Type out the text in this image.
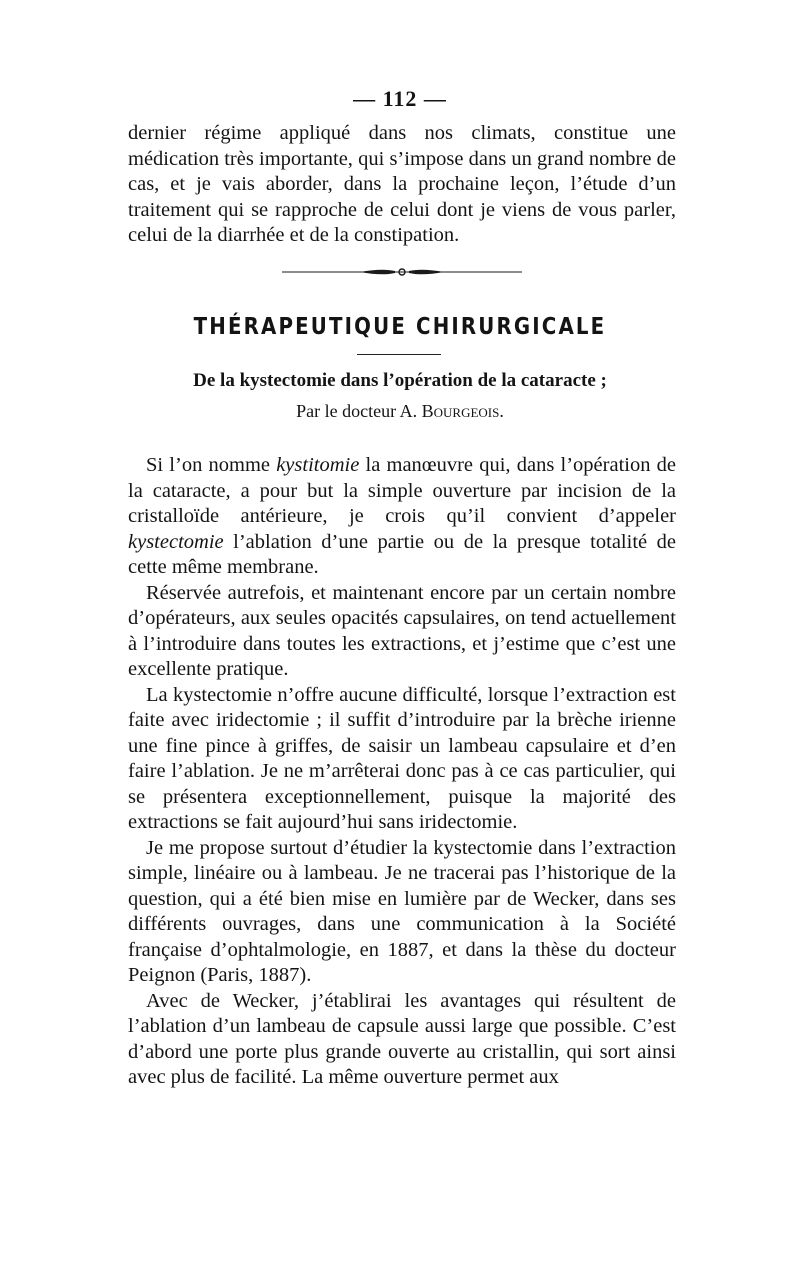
— 112 —

dernier régime appliqué dans nos climats, constitue une médication très importante, qui s’impose dans un grand nombre de cas, et je vais aborder, dans la prochaine leçon, l’étude d’un traitement qui se rapproche de celui dont je viens de vous parler, celui de la diarrhée et de la constipation.

THÉRAPEUTIQUE CHIRURGICALE
De la kystectomie dans l’opération de la cataracte ;
Par le docteur A. Bourgeois.

Si l’on nomme kystitomie la manœuvre qui, dans l’opération de la cataracte, a pour but la simple ouverture par incision de la cristalloïde antérieure, je crois qu’il convient d’appeler kystectomie l’ablation d’une partie ou de la presque totalité de cette même membrane.

Réservée autrefois, et maintenant encore par un certain nombre d’opérateurs, aux seules opacités capsulaires, on tend actuellement à l’introduire dans toutes les extractions, et j’estime que c’est une excellente pratique.

La kystectomie n’offre aucune difficulté, lorsque l’extraction est faite avec iridectomie ; il suffit d’introduire par la brèche irienne une fine pince à griffes, de saisir un lambeau capsulaire et d’en faire l’ablation. Je ne m’arrêterai donc pas à ce cas particulier, qui se présentera exceptionnellement, puisque la majorité des extractions se fait aujourd’hui sans iridectomie.

Je me propose surtout d’étudier la kystectomie dans l’extraction simple, linéaire ou à lambeau. Je ne tracerai pas l’historique de la question, qui a été bien mise en lumière par de Wecker, dans ses différents ouvrages, dans une communication à la Société française d’ophtalmologie, en 1887, et dans la thèse du docteur Peignon (Paris, 1887).

Avec de Wecker, j’établirai les avantages qui résultent de l’ablation d’un lambeau de capsule aussi large que possible. C’est d’abord une porte plus grande ouverte au cristallin, qui sort ainsi avec plus de facilité. La même ouverture permet aux
